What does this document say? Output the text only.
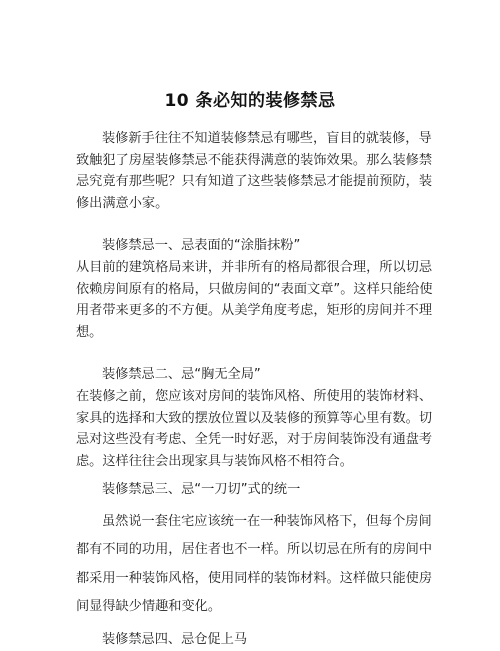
10 条必知的装修禁忌

装修新手往往不知道装修禁忌有哪些，盲目的就装修，导致触犯了房屋装修禁忌不能获得满意的装饰效果。那么装修禁忌究竟有那些呢？只有知道了这些装修禁忌才能提前预防，装修出满意小家。

装修禁忌一、忌表面的“涂脂抹粉”

从目前的建筑格局来讲，并非所有的格局都很合理，所以切忌依赖房间原有的格局，只做房间的“表面文章”。这样只能给使用者带来更多的不方便。从美学角度考虑，矩形的房间并不理想。

装修禁忌二、忌“胸无全局”

在装修之前，您应该对房间的装饰风格、所使用的装饰材料、家具的选择和大致的摆放位置以及装修的预算等心里有数。切忌对这些没有考虑、全凭一时好恶，对于房间装饰没有通盘考虑。这样往往会出现家具与装饰风格不相符合。

装修禁忌三、忌“一刀切”式的统一

虽然说一套住宅应该统一在一种装饰风格下，但每个房间都有不同的功用，居住者也不一样。所以切忌在所有的房间中都采用一种装饰风格，使用同样的装饰材料。这样做只能使房间显得缺少情趣和变化。

装修禁忌四、忌仓促上马
